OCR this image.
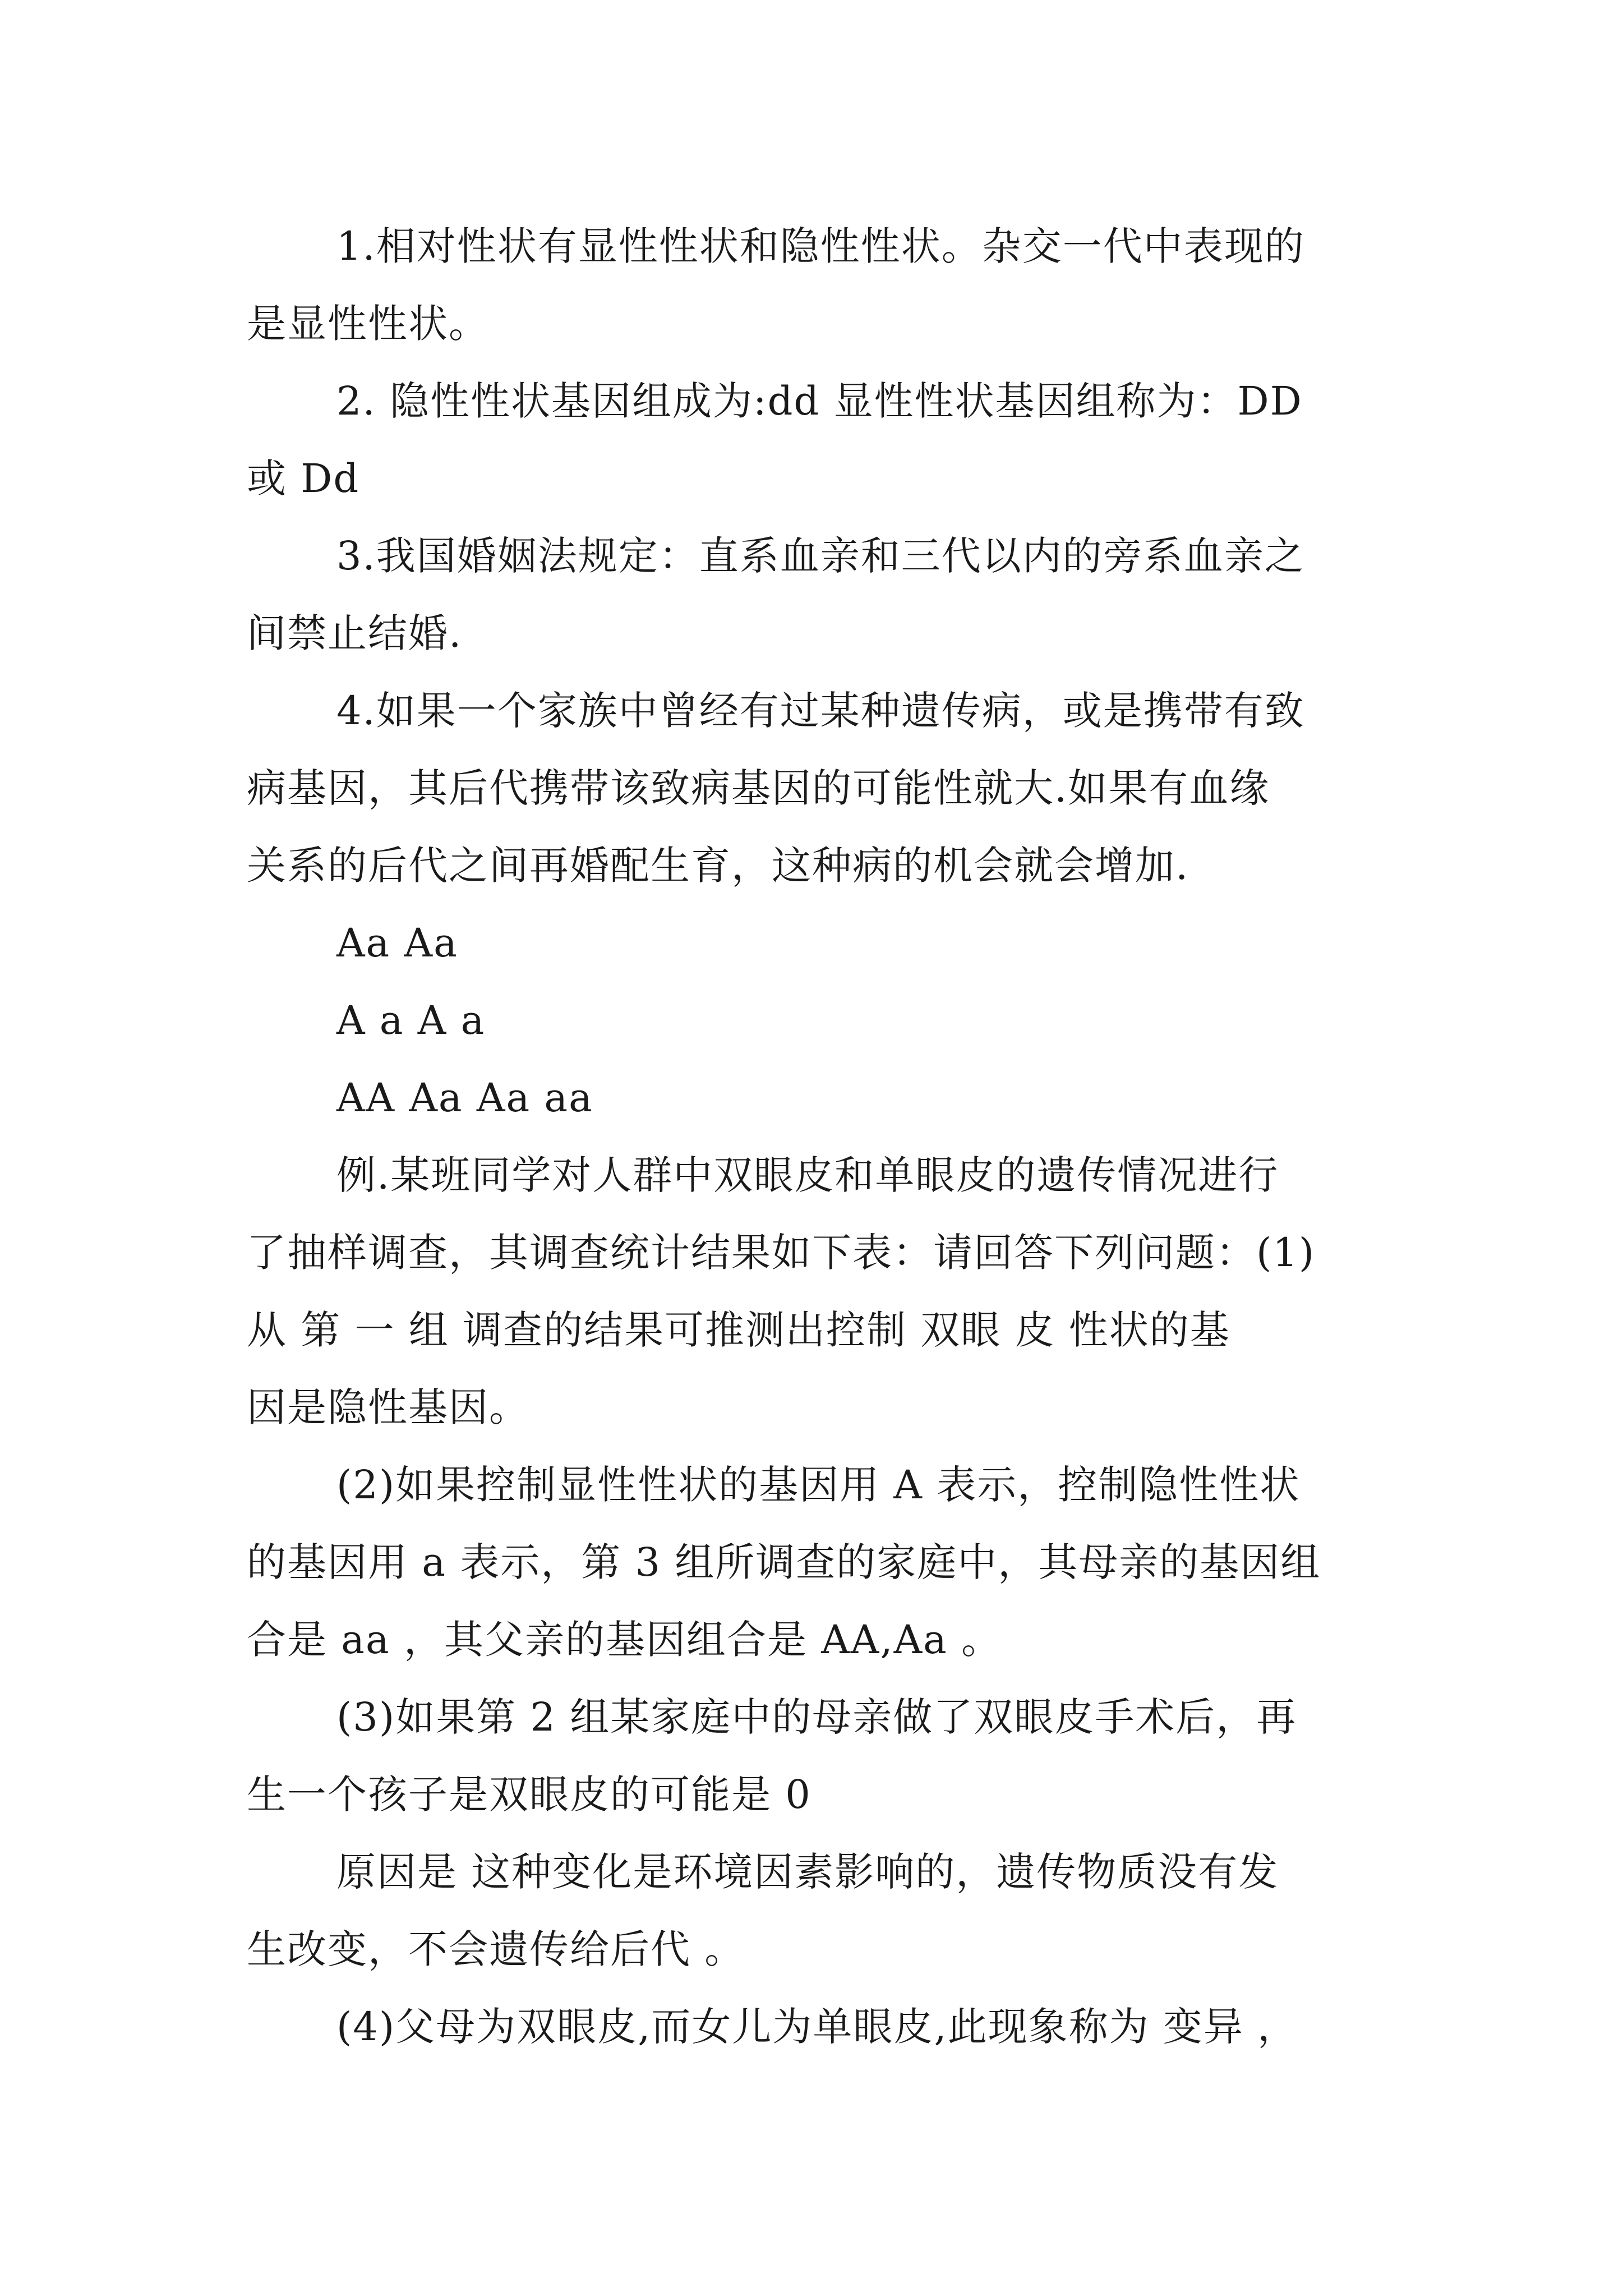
1.相对性状有显性性状和隐性性状。杂交一代中表现的
是显性性状。
2. 隐性性状基因组成为:dd 显性性状基因组称为：DD
或 Dd
3.我国婚姻法规定：直系血亲和三代以内的旁系血亲之
间禁止结婚.
4.如果一个家族中曾经有过某种遗传病，或是携带有致
病基因，其后代携带该致病基因的可能性就大.如果有血缘
关系的后代之间再婚配生育，这种病的机会就会增加.
Aa Aa
A a A a
AA Aa Aa aa
例.某班同学对人群中双眼皮和单眼皮的遗传情况进行
了抽样调查，其调查统计结果如下表：请回答下列问题：(1)
从 第 一 组 调查的结果可推测出控制 双眼 皮 性状的基
因是隐性基因。
(2)如果控制显性性状的基因用 A 表示，控制隐性性状
的基因用 a 表示，第 3 组所调查的家庭中，其母亲的基因组
合是 aa ，其父亲的基因组合是 AA,Aa 。
(3)如果第 2 组某家庭中的母亲做了双眼皮手术后，再
生一个孩子是双眼皮的可能是 0
原因是 这种变化是环境因素影响的，遗传物质没有发
生改变，不会遗传给后代 。
(4)父母为双眼皮,而女儿为单眼皮,此现象称为 变异 ，
